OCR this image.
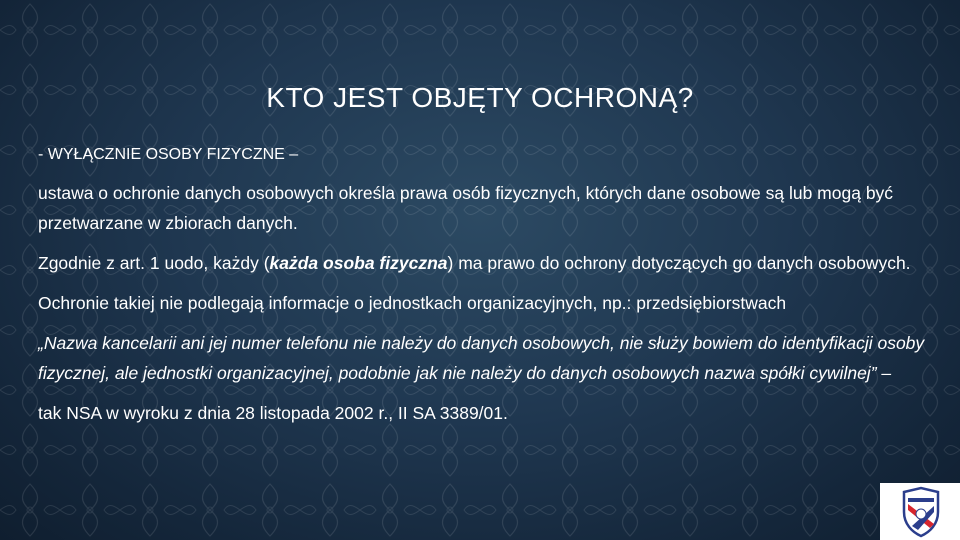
KTO JEST OBJĘTY OCHRONĄ?

- WYŁĄCZNIE OSOBY FIZYCZNE –

ustawa o ochronie danych osobowych określa prawa osób fizycznych, których dane osobowe są lub mogą być przetwarzane w zbiorach danych.

Zgodnie z art. 1 uodo, każdy (każda osoba fizyczna) ma prawo do ochrony dotyczących go danych osobowych.

Ochronie takiej nie podlegają informacje o jednostkach organizacyjnych, np.: przedsiębiorstwach

„Nazwa kancelarii ani jej numer telefonu nie należy do danych osobowych, nie służy bowiem do identyfikacji osoby fizycznej, ale jednostki organizacyjnej, podobnie jak nie należy do danych osobowych nazwa spółki cywilnej” –

tak NSA w wyroku z dnia 28 listopada 2002 r., II SA 3389/01.
